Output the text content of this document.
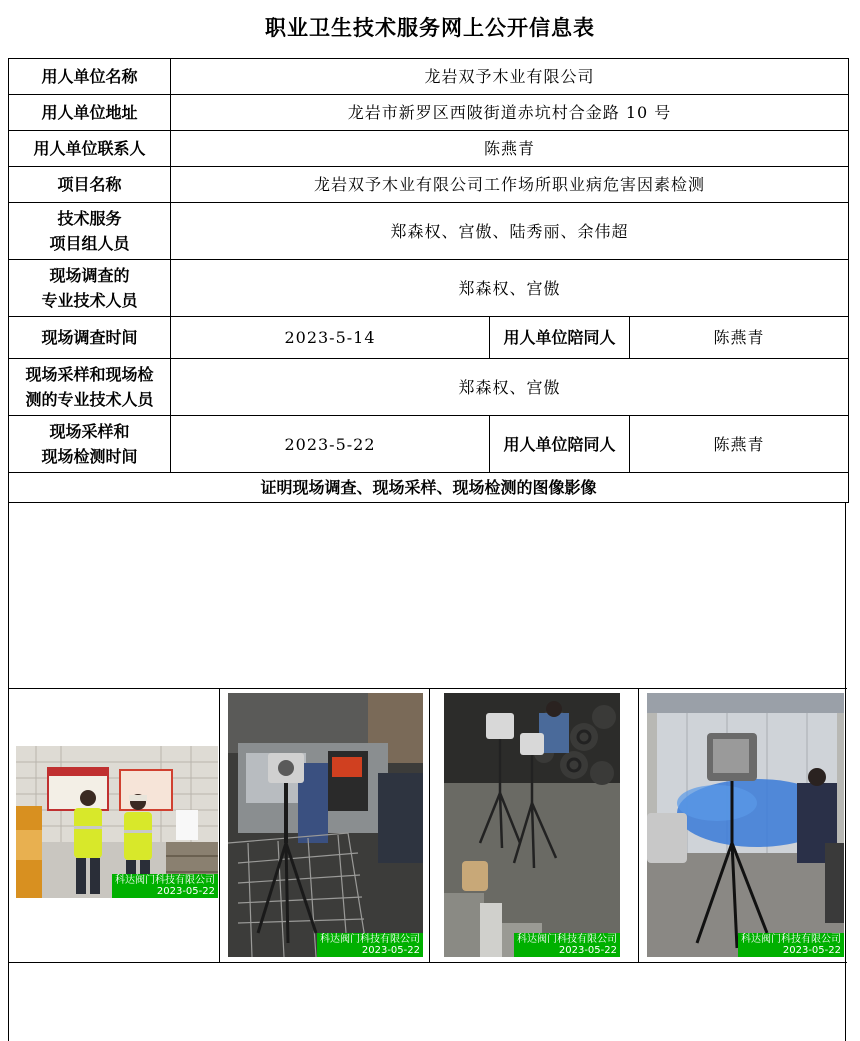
职业卫生技术服务网上公开信息表
用人单位名称	龙岩双予木业有限公司		
用人单位地址	龙岩市新罗区西陂街道赤坑村合金路 10 号		
用人单位联系人	陈燕青		
项目名称	龙岩双予木业有限公司工作场所职业病危害因素检测		

技术服务
项目组人员	郑森权、宫傲、陆秀丽、余伟超		

现场调查的
专业技术人员	郑森权、宫傲		
现场调查时间	2023-5-14	用人单位陪同人	陈燕青

现场采样和现场检
测的专业技术人员	郑森权、宫傲		

现场采样和
现场检测时间	2023-5-22	用人单位陪同人	陈燕青
证明现场调查、现场采样、现场检测的图像影像			
科达阀门科技有限公司
2023-05-22
科达阀门科技有限公司
2023-05-22
科达阀门科技有限公司
2023-05-22
科达阀门科技有限公司
2023-05-22
